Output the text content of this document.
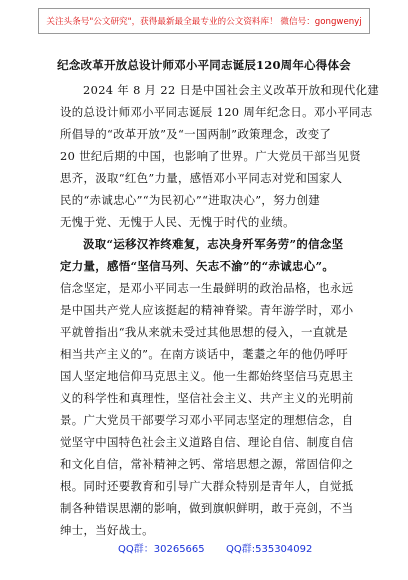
关注头条号"公文研究"，获得最新最全最专业的公文资料库！ 微信号：gongwenyj
纪念改革开放总设计师邓小平同志诞辰120周年心得体会
2024 年 8 月 22 日是中国社会主义改革开放和现代化建
设的总设计师邓小平同志诞辰 120 周年纪念日。邓小平同志
所倡导的“改革开放”及“一国两制”政策理念，改变了
20 世纪后期的中国，也影响了世界。广大党员干部当见贤
思齐，汲取“红色”力量，感悟邓小平同志对党和国家人
民的“赤诚忠心”“为民初心”“进取决心”，努力创建
无愧于党、无愧于人民、无愧于时代的业绩。
汲取“运移汉祚终难复，志决身歼军务劳”的信念坚
定力量，感悟“坚信马列、矢志不渝”的“赤诚忠心”。
信念坚定，是邓小平同志一生最鲜明的政治品格，也永远
是中国共产党人应该挺起的精神脊梁。青年游学时，邓小
平就曾指出“我从来就未受过其他思想的侵入，一直就是
相当共产主义的”。在南方谈话中，耄耋之年的他仍呼吁
国人坚定地信仰马克思主义。他一生都始终坚信马克思主
义的科学性和真理性，坚信社会主义、共产主义的光明前
景。广大党员干部要学习邓小平同志坚定的理想信念，自
觉坚守中国特色社会主义道路自信、理论自信、制度自信
和文化自信，常补精神之钙、常培思想之源，常固信仰之
根。同时还要教育和引导广大群众特别是青年人，自觉抵
制各种错误思潮的影响，做到旗帜鲜明，敢于亮剑，不当
绅士，当好战士。
QQ群：30265665 QQ群:535304092
